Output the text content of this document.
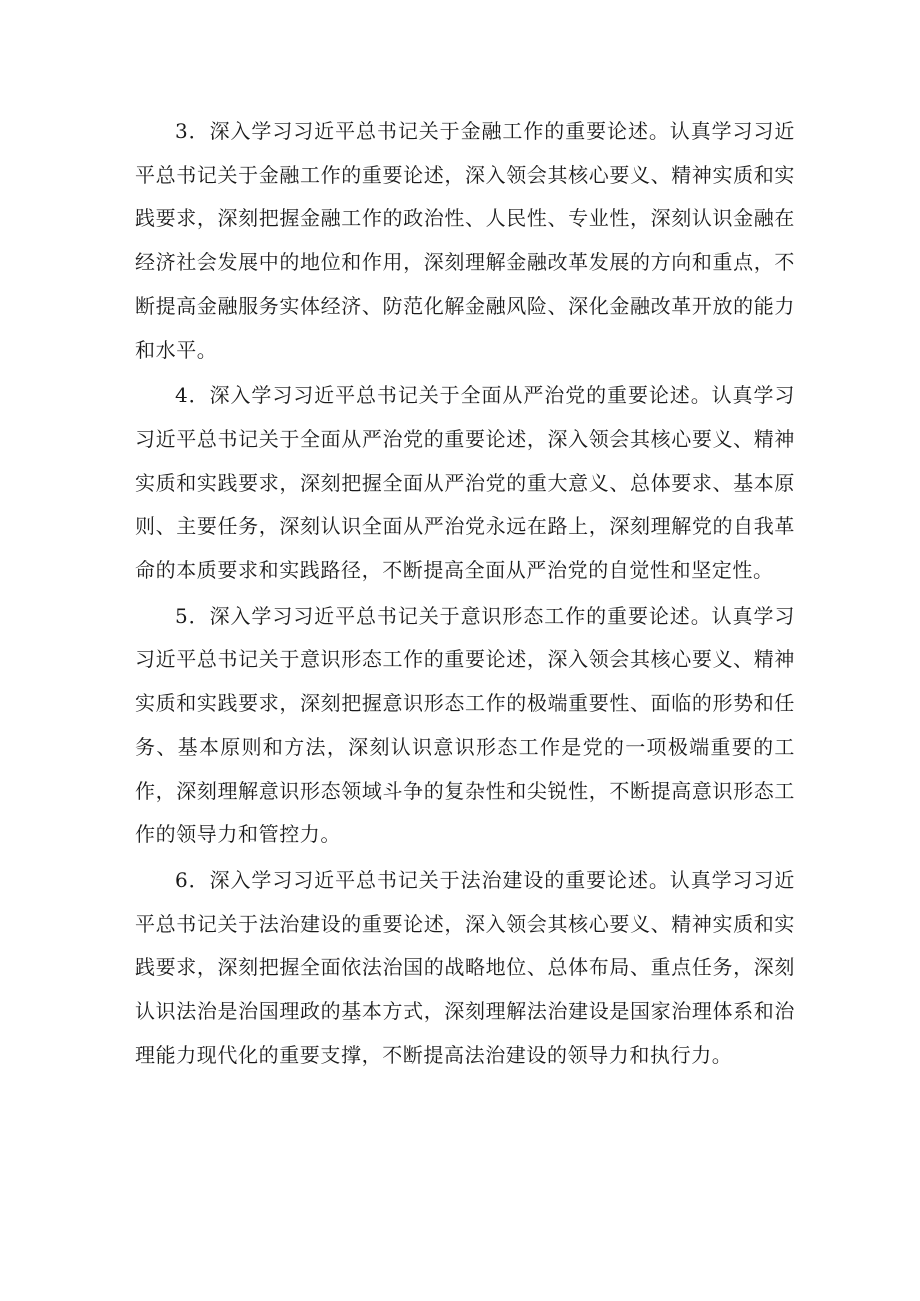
3．深入学习习近平总书记关于金融工作的重要论述。认真学习习近平总书记关于金融工作的重要论述，深入领会其核心要义、精神实质和实践要求，深刻把握金融工作的政治性、人民性、专业性，深刻认识金融在经济社会发展中的地位和作用，深刻理解金融改革发展的方向和重点，不断提高金融服务实体经济、防范化解金融风险、深化金融改革开放的能力和水平。

4．深入学习习近平总书记关于全面从严治党的重要论述。认真学习习近平总书记关于全面从严治党的重要论述，深入领会其核心要义、精神实质和实践要求，深刻把握全面从严治党的重大意义、总体要求、基本原则、主要任务，深刻认识全面从严治党永远在路上，深刻理解党的自我革命的本质要求和实践路径，不断提高全面从严治党的自觉性和坚定性。

5．深入学习习近平总书记关于意识形态工作的重要论述。认真学习习近平总书记关于意识形态工作的重要论述，深入领会其核心要义、精神实质和实践要求，深刻把握意识形态工作的极端重要性、面临的形势和任务、基本原则和方法，深刻认识意识形态工作是党的一项极端重要的工作，深刻理解意识形态领域斗争的复杂性和尖锐性，不断提高意识形态工作的领导力和管控力。

6．深入学习习近平总书记关于法治建设的重要论述。认真学习习近平总书记关于法治建设的重要论述，深入领会其核心要义、精神实质和实践要求，深刻把握全面依法治国的战略地位、总体布局、重点任务，深刻认识法治是治国理政的基本方式，深刻理解法治建设是国家治理体系和治理能力现代化的重要支撑，不断提高法治建设的领导力和执行力。
